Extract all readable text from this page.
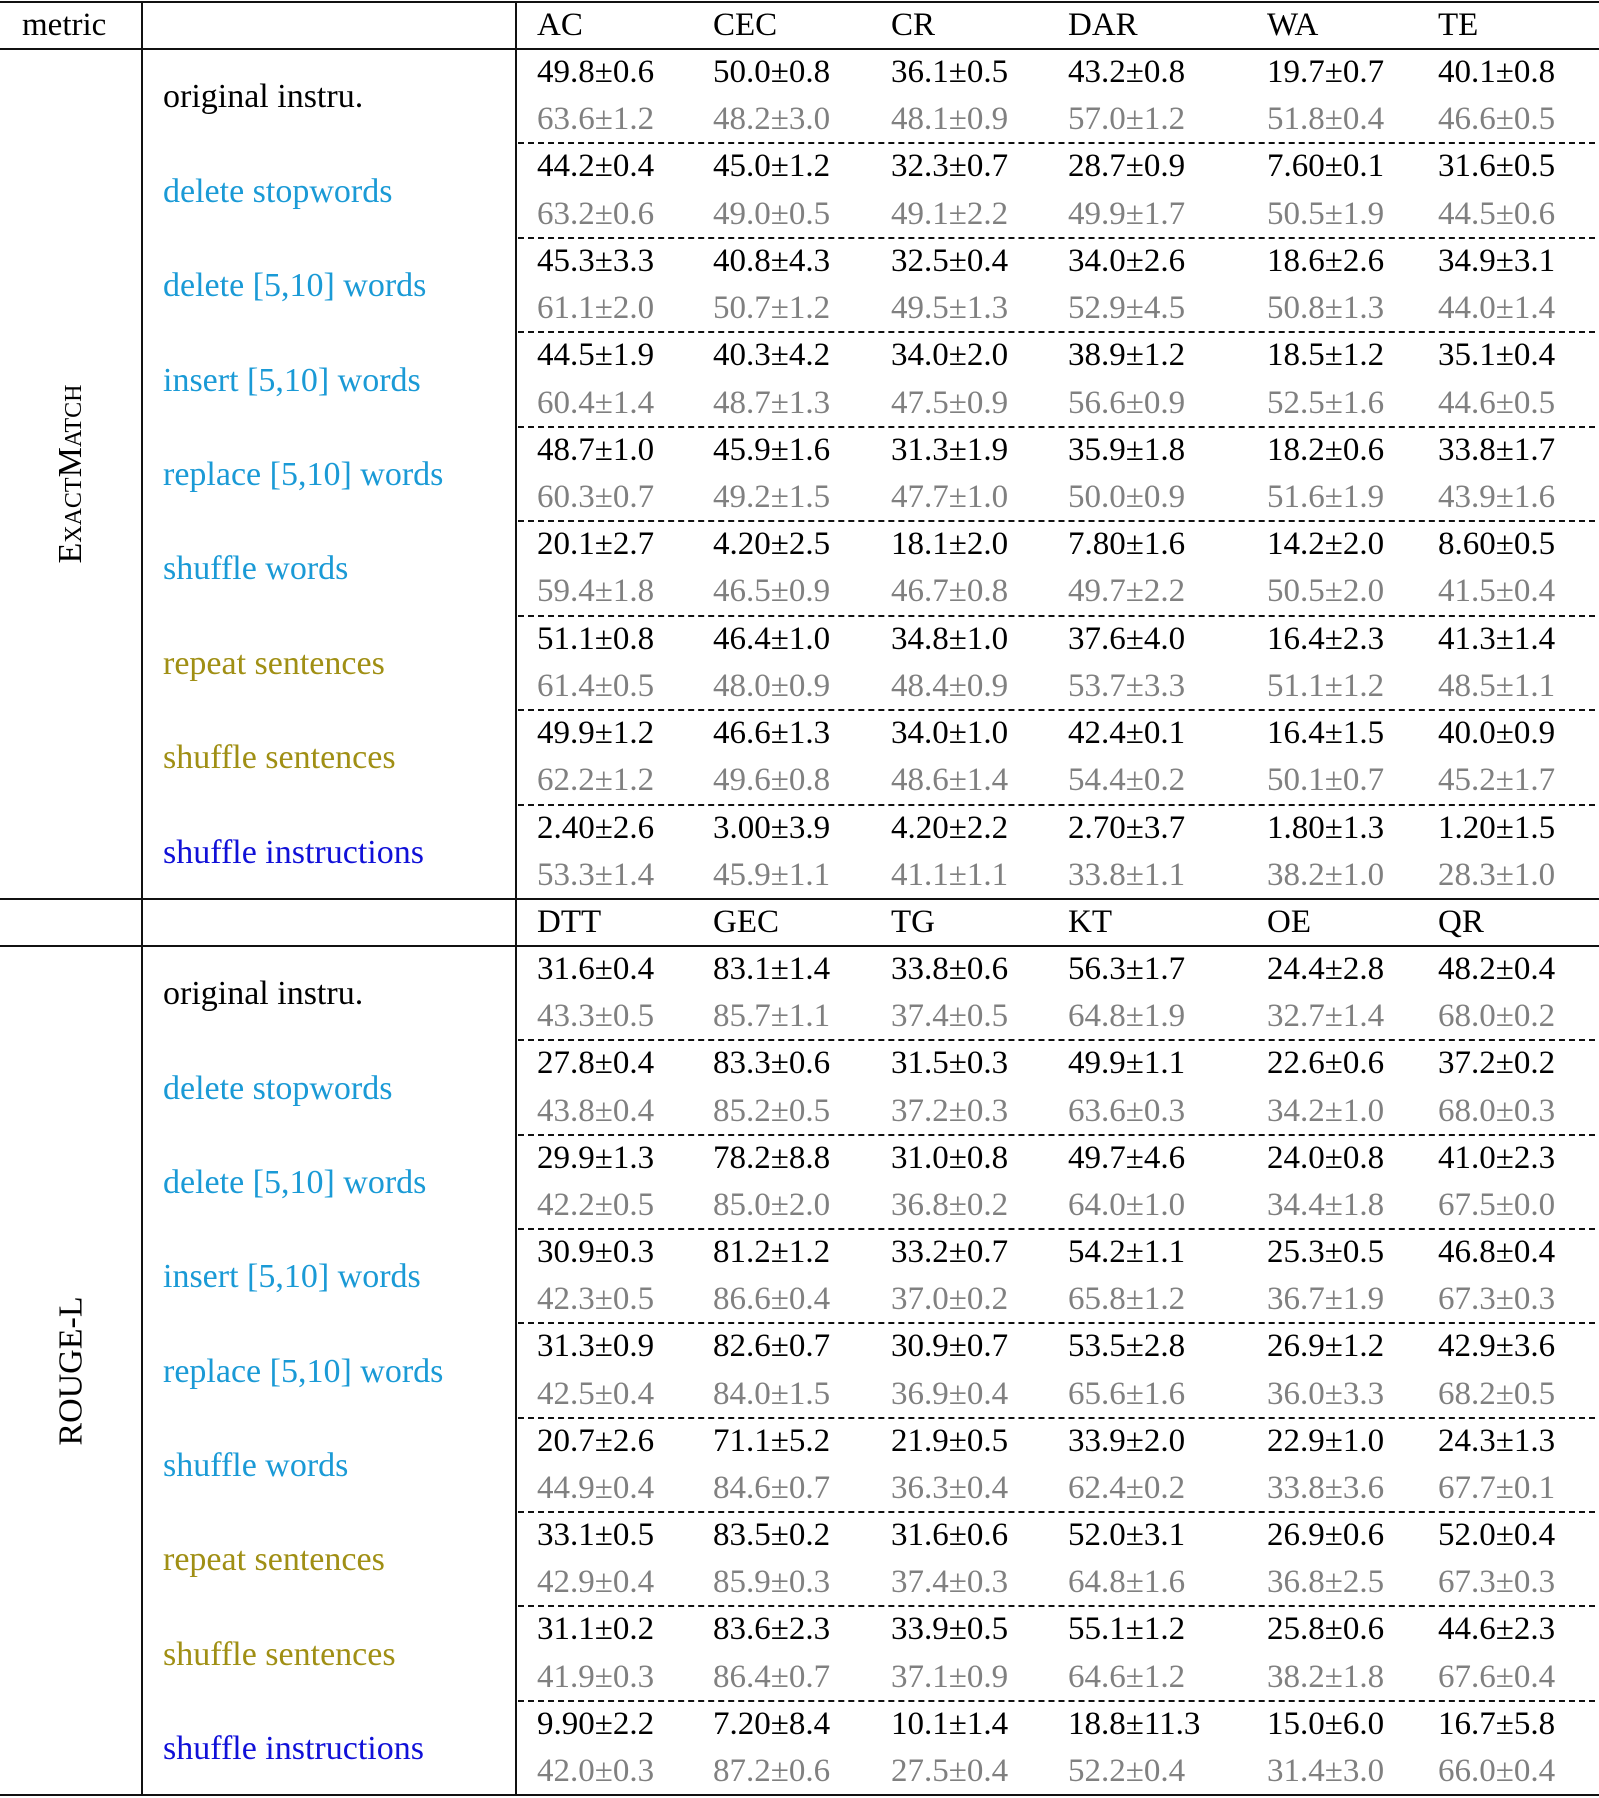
metric	AC	CEC	CR	DAR	WA	TE
ExactMatch
original instru.
49.8±0.6 50.0±0.8 36.1±0.5 43.2±0.8 19.7±0.7 40.1±0.8
63.6±1.2 48.2±3.0 48.1±0.9 57.0±1.2 51.8±0.4 46.6±0.5
delete stopwords
44.2±0.4 45.0±1.2 32.3±0.7 28.7±0.9 7.60±0.1 31.6±0.5
63.2±0.6 49.0±0.5 49.1±2.2 49.9±1.7 50.5±1.9 44.5±0.6
delete [5,10] words
45.3±3.3 40.8±4.3 32.5±0.4 34.0±2.6 18.6±2.6 34.9±3.1
61.1±2.0 50.7±1.2 49.5±1.3 52.9±4.5 50.8±1.3 44.0±1.4
insert [5,10] words
44.5±1.9 40.3±4.2 34.0±2.0 38.9±1.2 18.5±1.2 35.1±0.4
60.4±1.4 48.7±1.3 47.5±0.9 56.6±0.9 52.5±1.6 44.6±0.5
replace [5,10] words
48.7±1.0 45.9±1.6 31.3±1.9 35.9±1.8 18.2±0.6 33.8±1.7
60.3±0.7 49.2±1.5 47.7±1.0 50.0±0.9 51.6±1.9 43.9±1.6
shuffle words
20.1±2.7 4.20±2.5 18.1±2.0 7.80±1.6 14.2±2.0 8.60±0.5
59.4±1.8 46.5±0.9 46.7±0.8 49.7±2.2 50.5±2.0 41.5±0.4
repeat sentences
51.1±0.8 46.4±1.0 34.8±1.0 37.6±4.0 16.4±2.3 41.3±1.4
61.4±0.5 48.0±0.9 48.4±0.9 53.7±3.3 51.1±1.2 48.5±1.1
shuffle sentences
49.9±1.2 46.6±1.3 34.0±1.0 42.4±0.1 16.4±1.5 40.0±0.9
62.2±1.2 49.6±0.8 48.6±1.4 54.4±0.2 50.1±0.7 45.2±1.7
shuffle instructions
2.40±2.6 3.00±3.9 4.20±2.2 2.70±3.7 1.80±1.3 1.20±1.5
53.3±1.4 45.9±1.1 41.1±1.1 33.8±1.1 38.2±1.0 28.3±1.0
DTT	GEC	TG	KT	OE	QR
ROUGE-L
original instru.
31.6±0.4 83.1±1.4 33.8±0.6 56.3±1.7 24.4±2.8 48.2±0.4
43.3±0.5 85.7±1.1 37.4±0.5 64.8±1.9 32.7±1.4 68.0±0.2
delete stopwords
27.8±0.4 83.3±0.6 31.5±0.3 49.9±1.1 22.6±0.6 37.2±0.2
43.8±0.4 85.2±0.5 37.2±0.3 63.6±0.3 34.2±1.0 68.0±0.3
delete [5,10] words
29.9±1.3 78.2±8.8 31.0±0.8 49.7±4.6 24.0±0.8 41.0±2.3
42.2±0.5 85.0±2.0 36.8±0.2 64.0±1.0 34.4±1.8 67.5±0.0
insert [5,10] words
30.9±0.3 81.2±1.2 33.2±0.7 54.2±1.1 25.3±0.5 46.8±0.4
42.3±0.5 86.6±0.4 37.0±0.2 65.8±1.2 36.7±1.9 67.3±0.3
replace [5,10] words
31.3±0.9 82.6±0.7 30.9±0.7 53.5±2.8 26.9±1.2 42.9±3.6
42.5±0.4 84.0±1.5 36.9±0.4 65.6±1.6 36.0±3.3 68.2±0.5
shuffle words
20.7±2.6 71.1±5.2 21.9±0.5 33.9±2.0 22.9±1.0 24.3±1.3
44.9±0.4 84.6±0.7 36.3±0.4 62.4±0.2 33.8±3.6 67.7±0.1
repeat sentences
33.1±0.5 83.5±0.2 31.6±0.6 52.0±3.1 26.9±0.6 52.0±0.4
42.9±0.4 85.9±0.3 37.4±0.3 64.8±1.6 36.8±2.5 67.3±0.3
shuffle sentences
31.1±0.2 83.6±2.3 33.9±0.5 55.1±1.2 25.8±0.6 44.6±2.3
41.9±0.3 86.4±0.7 37.1±0.9 64.6±1.2 38.2±1.8 67.6±0.4
shuffle instructions
9.90±2.2 7.20±8.4 10.1±1.4 18.8±11.3 15.0±6.0 16.7±5.8
42.0±0.3 87.2±0.6 27.5±0.4 52.2±0.4 31.4±3.0 66.0±0.4
